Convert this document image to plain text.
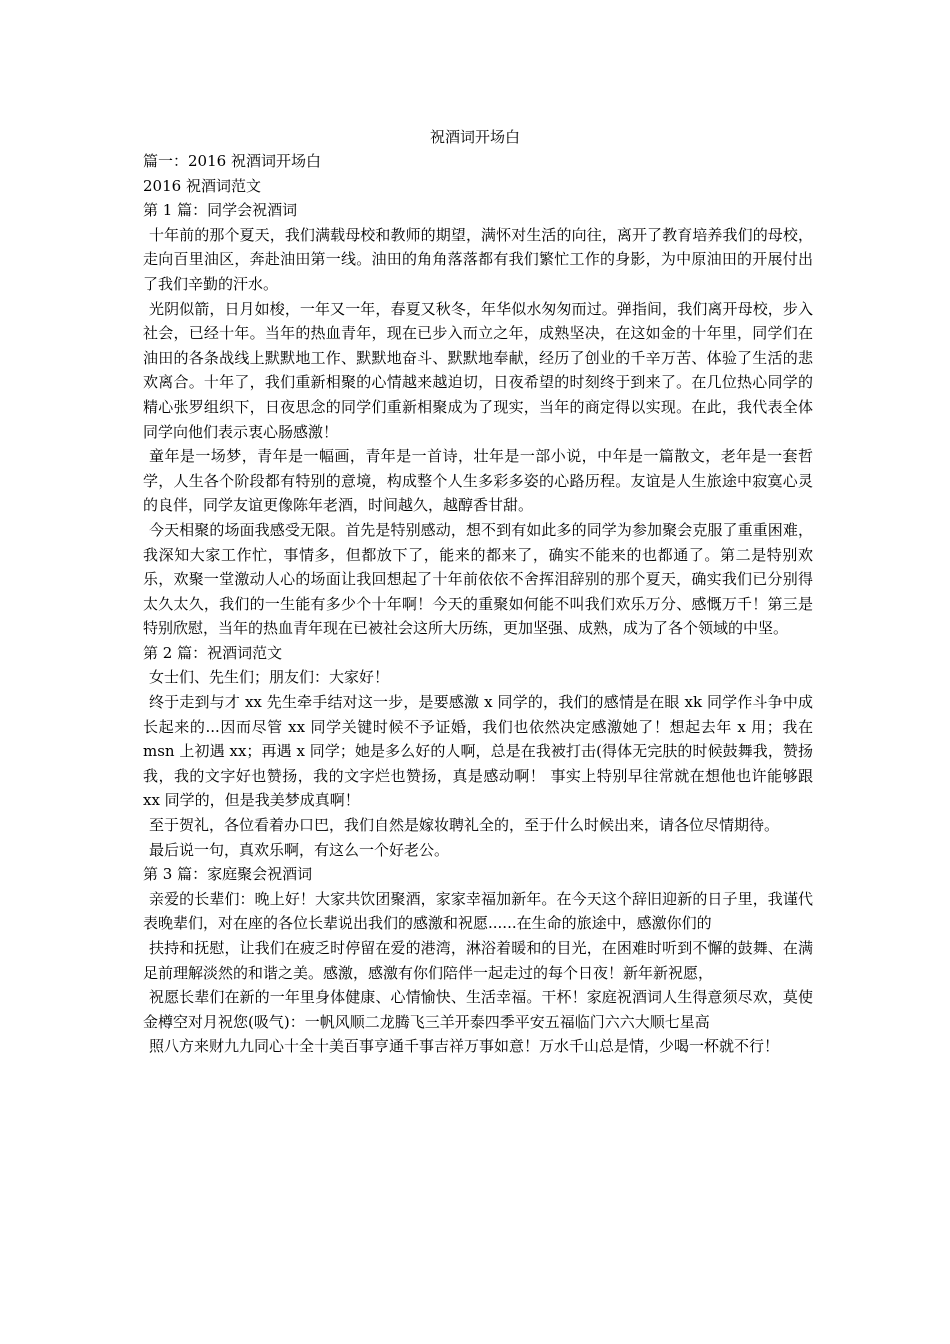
祝酒词开场白
篇一：2016 祝酒词开场白
2016 祝酒词范文
第 1 篇：同学会祝酒词

十年前的那个夏天，我们满载母校和教师的期望，满怀对生活的向往，离开了教育培养我们的母校，走向百里油区，奔赴油田第一线。油田的角角落落都有我们繁忙工作的身影，为中原油田的开展付出了我们辛勤的汗水。

光阴似箭，日月如梭，一年又一年，春夏又秋冬，年华似水匆匆而过。弹指间，我们离开母校，步入社会，已经十年。当年的热血青年，现在已步入而立之年，成熟坚决，在这如金的十年里，同学们在油田的各条战线上默默地工作、默默地奋斗、默默地奉献，经历了创业的千辛万苦、体验了生活的悲欢离合。十年了，我们重新相聚的心情越来越迫切，日夜希望的时刻终于到来了。在几位热心同学的精心张罗组织下，日夜思念的同学们重新相聚成为了现实，当年的商定得以实现。在此，我代表全体同学向他们表示衷心肠感激！

童年是一场梦，青年是一幅画，青年是一首诗，壮年是一部小说，中年是一篇散文，老年是一套哲学，人生各个阶段都有特别的意境，构成整个人生多彩多姿的心路历程。友谊是人生旅途中寂寞心灵的良伴，同学友谊更像陈年老酒，时间越久，越醇香甘甜。

今天相聚的场面我感受无限。首先是特别感动，想不到有如此多的同学为参加聚会克服了重重困难，我深知大家工作忙，事情多，但都放下了，能来的都来了，确实不能来的也都通了。第二是特别欢乐，欢聚一堂激动人心的场面让我回想起了十年前依依不舍挥泪辞别的那个夏天，确实我们已分别得太久太久，我们的一生能有多少个十年啊！今天的重聚如何能不叫我们欢乐万分、感慨万千！第三是特别欣慰，当年的热血青年现在已被社会这所大历练，更加坚强、成熟，成为了各个领域的中坚。

第 2 篇：祝酒词范文

女士们、先生们；朋友们：大家好！

终于走到与才 xx 先生牵手结对这一步，是要感激 x 同学的，我们的感情是在眼 xk 同学作斗争中成长起来的...因而尽管 xx 同学关键时候不予证婚，我们也依然决定感激她了！想起去年 x 用；我在 msn 上初遇 xx；再遇 x 同学；她是多么好的人啊，总是在我被打击(得体无完肤的时候鼓舞我，赞扬我，我的文字好也赞扬，我的文字烂也赞扬，真是感动啊！ 事实上特别早往常就在想他也许能够跟 xx 同学的，但是我美梦成真啊！

至于贺礼，各位看着办口巴，我们自然是嫁妆聘礼全的，至于什么时候出来，请各位尽情期待。

最后说一句，真欢乐啊，有这么一个好老公。

第 3 篇：家庭聚会祝酒词

亲爱的长辈们：晚上好！大家共饮团聚酒，家家幸福加新年。在今天这个辞旧迎新的日子里，我谨代表晚辈们，对在座的各位长辈说出我们的感激和祝愿......在生命的旅途中，感激你们的

扶持和抚慰，让我们在疲乏时停留在爱的港湾，淋浴着暖和的目光，在困难时听到不懈的鼓舞、在满足前理解淡然的和谐之美。感激，感激有你们陪伴一起走过的每个日夜！新年新祝愿，

祝愿长辈们在新的一年里身体健康、心情愉快、生活幸福。干杯！家庭祝酒词人生得意须尽欢，莫使金樽空对月祝您(吸气)：一帆风顺二龙腾飞三羊开泰四季平安五福临门六六大顺七星高

照八方来财九九同心十全十美百事亨通千事吉祥万事如意！万水千山总是情，少喝一杯就不行！
